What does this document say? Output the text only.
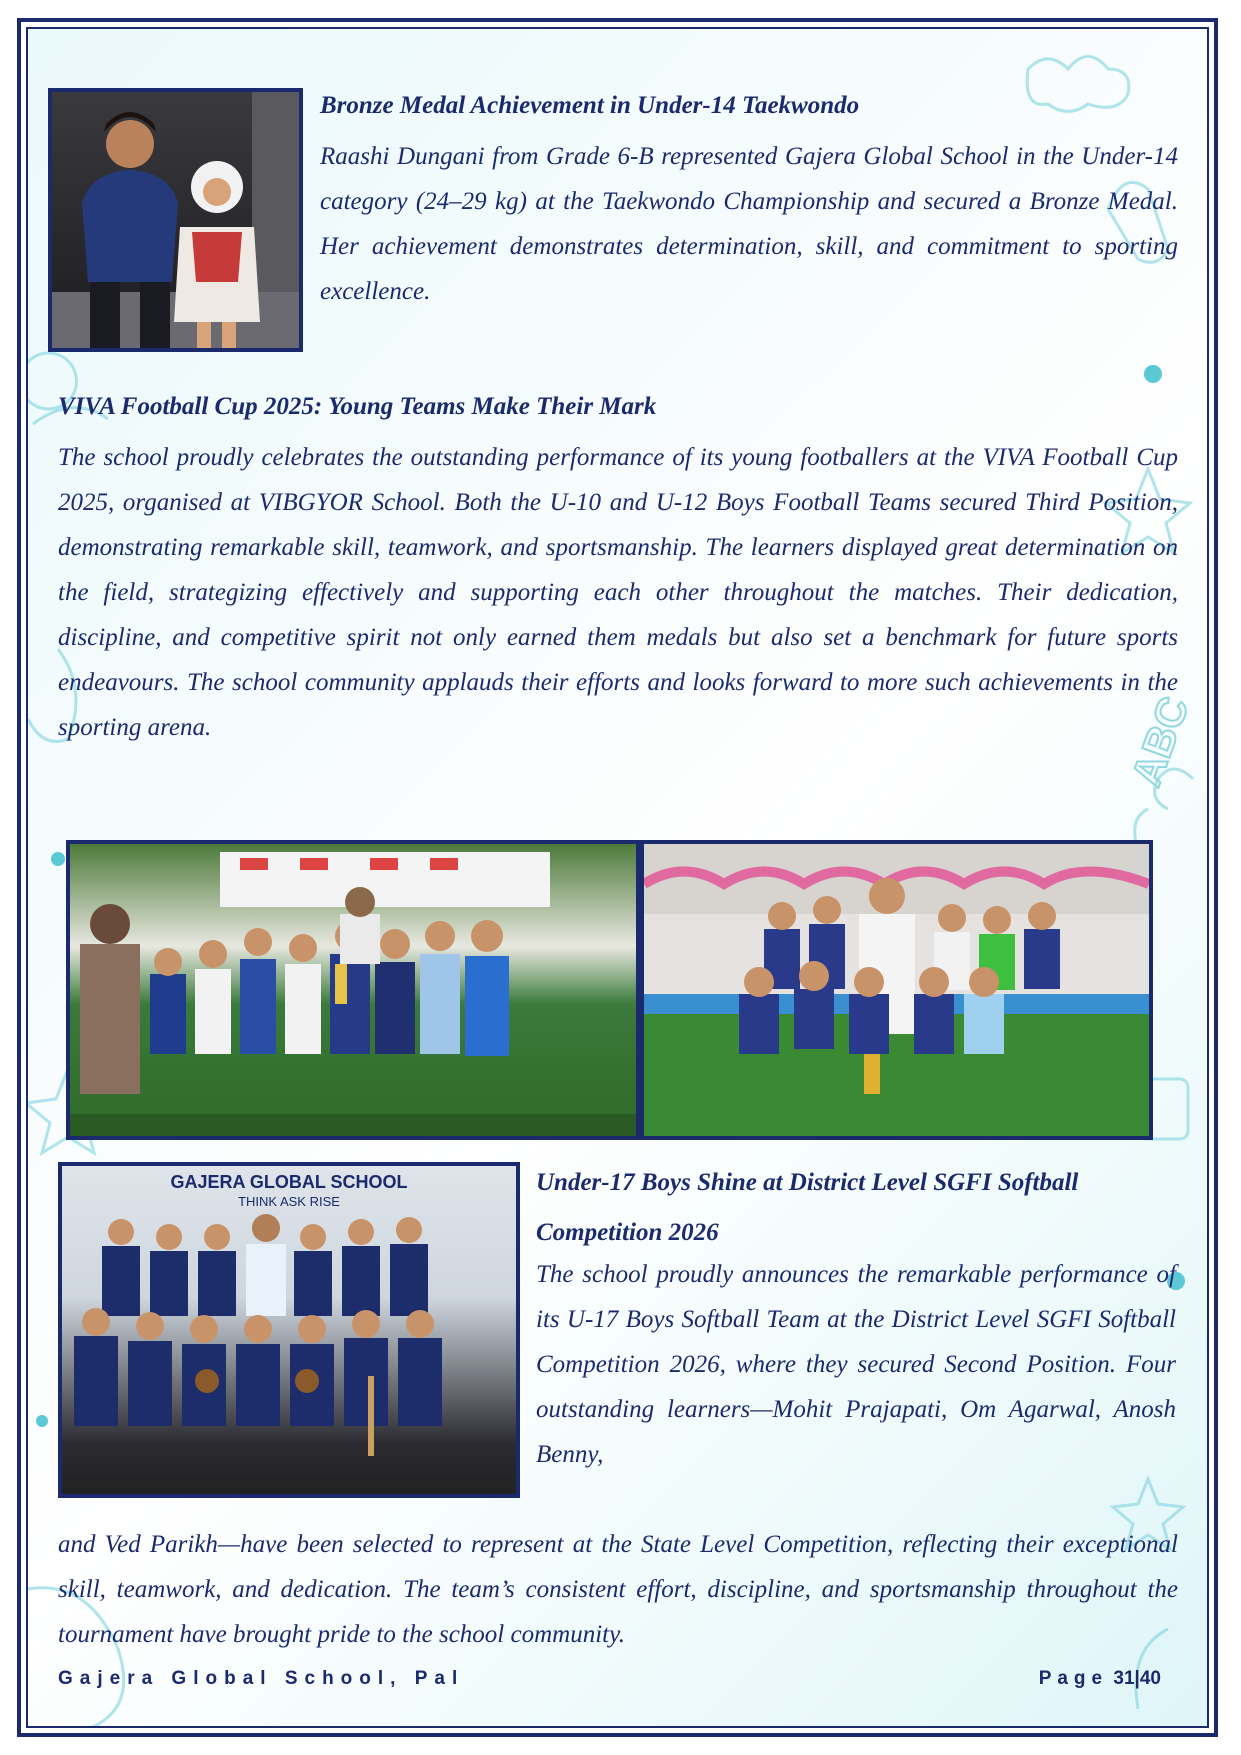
ABC
Bronze Medal Achievement in Under-14 Taekwondo

Raashi Dungani from Grade 6-B represented Gajera Global School in the Under-14 category (24–29 kg) at the Taekwondo Championship and secured a Bronze Medal. Her achievement demonstrates determination, skill, and commitment to sporting excellence.

VIVA Football Cup 2025: Young Teams Make Their Mark

The school proudly celebrates the outstanding performance of its young footballers at the VIVA Football Cup 2025, organised at VIBGYOR School. Both the U-10 and U-12 Boys Football Teams secured Third Position, demonstrating remarkable skill, teamwork, and sportsmanship. The learners displayed great determination on the field, strategizing effectively and supporting each other throughout the matches. Their dedication, discipline, and competitive spirit not only earned them medals but also set a benchmark for future sports endeavours. The school community applauds their efforts and looks forward to more such achievements in the sporting arena.

GAJERA GLOBAL SCHOOL
THINK ASK RISE
Under-17 Boys Shine at District Level SGFI Softball Competition 2026

The school proudly announces the remarkable performance of its U-17 Boys Softball Team at the District Level SGFI Softball Competition 2026, where they secured Second Position. Four outstanding learners—Mohit Prajapati, Om Agarwal, Anosh Benny,

and Ved Parikh—have been selected to represent at the State Level Competition, reflecting their exceptional skill, teamwork, and dedication. The team’s consistent effort, discipline, and sportsmanship throughout the tournament have brought pride to the school community.

Gajera Global School, Pal	Page 31|40
